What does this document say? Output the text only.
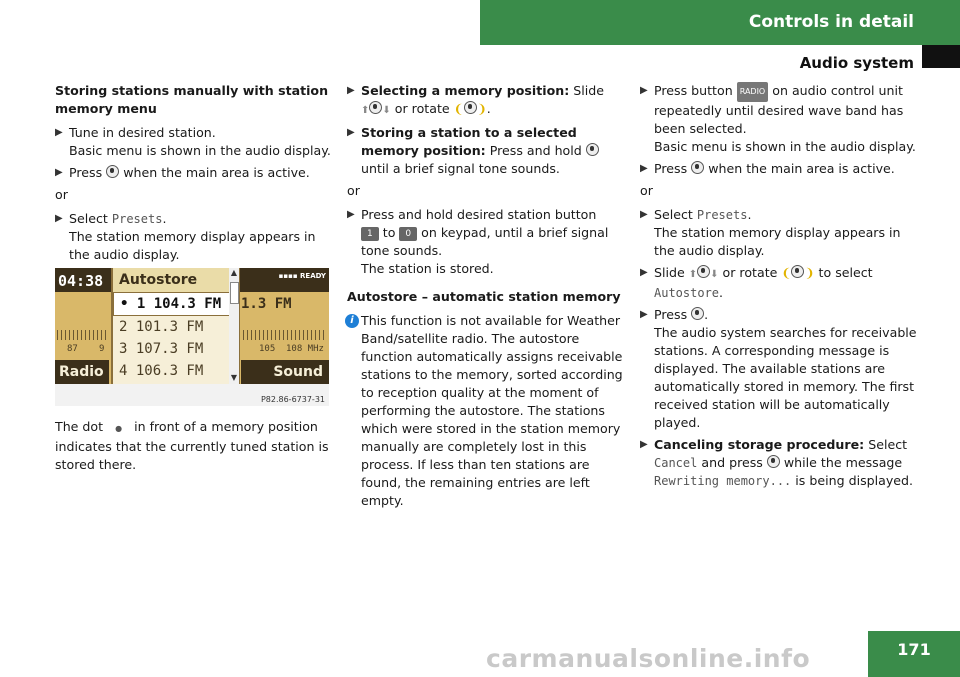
Controls in detail
Audio system

Storing stations manually with station memory menu

▶ Tune in desired station.
Basic menu is shown in the audio display.
▶ Press when the main area is active.

or

▶ Select Presets.
The station memory display appears in the audio display.
04:38	▪▪▪▪ READY
87 9	105 108 MHz
1.3 FM
Autostore
• 1 104.3 FM
2 101.3 FM
3 107.3 FM
4 106.3 FM
▲
▼
Radio	Sound
P82.86-6737-31
The dot ● in front of a memory position indicates that the currently tuned station is stored there.
▶ Selecting a memory position: Slide
⬆ ⬇ or rotate ❨ ❩.
▶ Storing a station to a selected memory position: Press and hold  until a brief signal tone sounds.

or

▶ Press and hold desired station button
1 to 0 on keypad, until a brief signal tone sounds.
The station is stored.

Autostore – automatic station memory

i This function is not available for Weather Band/satellite radio. The autostore function automatically assigns receivable stations to the memory, sorted according to reception quality at the moment of performing the autostore. The stations which were stored in the station memory manually are completely lost in this process. If less than ten stations are found, the remaining entries are left empty.
▶ Press button RADIO on audio control unit repeatedly until desired wave band has been selected.
Basic menu is shown in the audio display.
▶ Press when the main area is active.

or

▶ Select Presets.
The station memory display appears in the audio display.
▶ Slide ⬆ ⬇ or rotate ❨ ❩ to select
Autostore.
▶ Press .
The audio system searches for receivable stations. A corresponding message is displayed. The available stations are automatically stored in memory. The first received station will be automatically played.
▶ Canceling storage procedure: Select
Cancel and press while the message
Rewriting memory... is being displayed.
171
carmanualsonline.info
